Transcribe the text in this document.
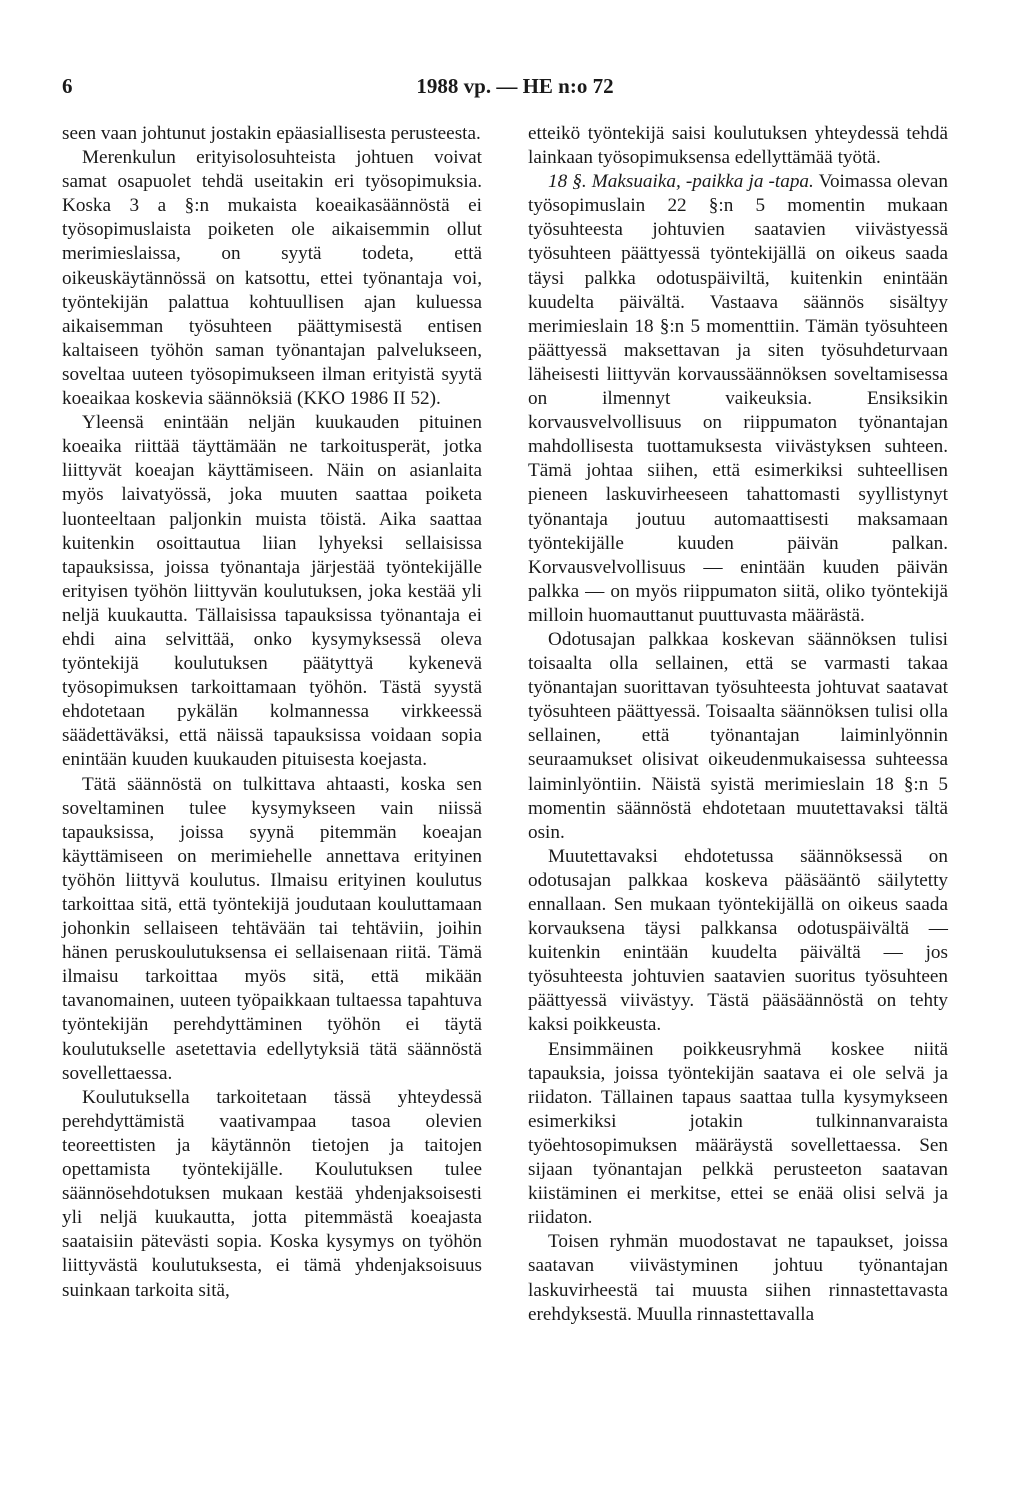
6	1988 vp. — HE n:o 72

seen vaan johtunut jostakin epäasiallisesta perusteesta.

Merenkulun erityisolosuhteista johtuen voivat samat osapuolet tehdä useitakin eri työsopimuksia. Koska 3 a §:n mukaista koeaikasäännöstä ei työsopimuslaista poiketen ole aikaisemmin ollut merimieslaissa, on syytä todeta, että oikeuskäytännössä on katsottu, ettei työnantaja voi, työntekijän palattua kohtuullisen ajan kuluessa aikaisemman työsuhteen päättymisestä entisen kaltaiseen työhön saman työnantajan palvelukseen, soveltaa uuteen työsopimukseen ilman erityistä syytä koeaikaa koskevia säännöksiä (KKO 1986 II 52).

Yleensä enintään neljän kuukauden pituinen koeaika riittää täyttämään ne tarkoitusperät, jotka liittyvät koeajan käyttämiseen. Näin on asianlaita myös laivatyössä, joka muuten saattaa poiketa luonteeltaan paljonkin muista töistä. Aika saattaa kuitenkin osoittautua liian lyhyeksi sellaisissa tapauksissa, joissa työnantaja järjestää työntekijälle erityisen työhön liittyvän koulutuksen, joka kestää yli neljä kuukautta. Tällaisissa tapauksissa työnantaja ei ehdi aina selvittää, onko kysymyksessä oleva työntekijä koulutuksen päätyttyä kykenevä työsopimuksen tarkoittamaan työhön. Tästä syystä ehdotetaan pykälän kolmannessa virkkeessä säädettäväksi, että näissä tapauksissa voidaan sopia enintään kuuden kuukauden pituisesta koejasta.

Tätä säännöstä on tulkittava ahtaasti, koska sen soveltaminen tulee kysymykseen vain niissä tapauksissa, joissa syynä pitemmän koeajan käyttämiseen on merimiehelle annettava erityinen työhön liittyvä koulutus. Ilmaisu erityinen koulutus tarkoittaa sitä, että työntekijä joudutaan kouluttamaan johonkin sellaiseen tehtävään tai tehtäviin, joihin hänen peruskoulutuksensa ei sellaisenaan riitä. Tämä ilmaisu tarkoittaa myös sitä, että mikään tavanomainen, uuteen työpaikkaan tultaessa tapahtuva työntekijän perehdyttäminen työhön ei täytä koulutukselle asetettavia edellytyksiä tätä säännöstä sovellettaessa.

Koulutuksella tarkoitetaan tässä yhteydessä perehdyttämistä vaativampaa tasoa olevien teoreettisten ja käytännön tietojen ja taitojen opettamista työntekijälle. Koulutuksen tulee säännösehdotuksen mukaan kestää yhdenjaksoisesti yli neljä kuukautta, jotta pitemmästä koeajasta saataisiin pätevästi sopia. Koska kysymys on työhön liittyvästä koulutuksesta, ei tämä yhdenjaksoisuus suinkaan tarkoita sitä,

etteikö työntekijä saisi koulutuksen yhteydessä tehdä lainkaan työsopimuksensa edellyttämää työtä.

18 §. Maksuaika, -paikka ja -tapa. Voimassa olevan työsopimuslain 22 §:n 5 momentin mukaan työsuhteesta johtuvien saatavien viivästyessä työsuhteen päättyessä työntekijällä on oikeus saada täysi palkka odotuspäiviltä, kuitenkin enintään kuudelta päivältä. Vastaava säännös sisältyy merimieslain 18 §:n 5 momenttiin. Tämän työsuhteen päättyessä maksettavan ja siten työsuhdeturvaan läheisesti liittyvän korvaussäännöksen soveltamisessa on ilmennyt vaikeuksia. Ensiksikin korvausvelvollisuus on riippumaton työnantajan mahdollisesta tuottamuksesta viivästyksen suhteen. Tämä johtaa siihen, että esimerkiksi suhteellisen pieneen laskuvirheeseen tahattomasti syyllistynyt työnantaja joutuu automaattisesti maksamaan työntekijälle kuuden päivän palkan. Korvausvelvollisuus — enintään kuuden päivän palkka — on myös riippumaton siitä, oliko työntekijä milloin huomauttanut puuttuvasta määrästä.

Odotusajan palkkaa koskevan säännöksen tulisi toisaalta olla sellainen, että se varmasti takaa työnantajan suorittavan työsuhteesta johtuvat saatavat työsuhteen päättyessä. Toisaalta säännöksen tulisi olla sellainen, että työnantajan laiminlyönnin seuraamukset olisivat oikeudenmukaisessa suhteessa laiminlyöntiin. Näistä syistä merimieslain 18 §:n 5 momentin säännöstä ehdotetaan muutettavaksi tältä osin.

Muutettavaksi ehdotetussa säännöksessä on odotusajan palkkaa koskeva pääsääntö säilytetty ennallaan. Sen mukaan työntekijällä on oikeus saada korvauksena täysi palkkansa odotuspäivältä — kuitenkin enintään kuudelta päivältä — jos työsuhteesta johtuvien saatavien suoritus työsuhteen päättyessä viivästyy. Tästä pääsäännöstä on tehty kaksi poikkeusta.

Ensimmäinen poikkeusryhmä koskee niitä tapauksia, joissa työntekijän saatava ei ole selvä ja riidaton. Tällainen tapaus saattaa tulla kysymykseen esimerkiksi jotakin tulkinnanvaraista työehtosopimuksen määräystä sovellettaessa. Sen sijaan työnantajan pelkkä perusteeton saatavan kiistäminen ei merkitse, ettei se enää olisi selvä ja riidaton.

Toisen ryhmän muodostavat ne tapaukset, joissa saatavan viivästyminen johtuu työnantajan laskuvirheestä tai muusta siihen rinnastettavasta erehdyksestä. Muulla rinnastettavalla
